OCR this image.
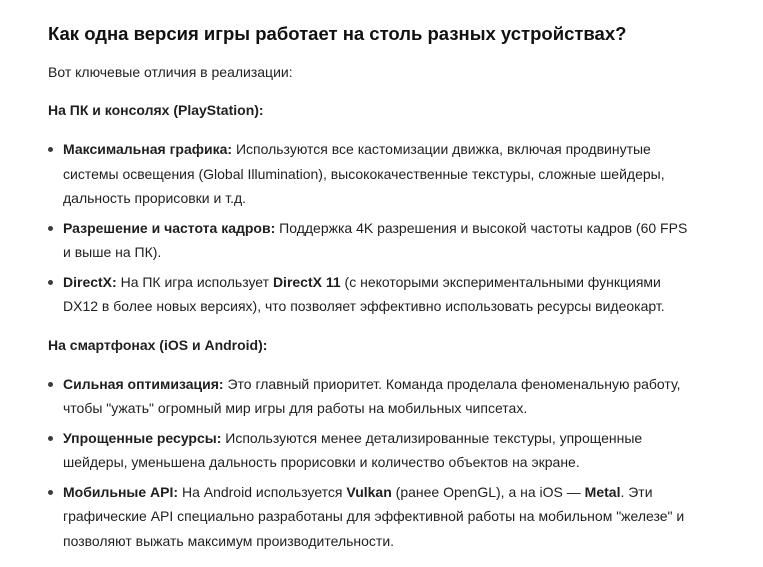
Как одна версия игры работает на столь разных устройствах?

Вот ключевые отличия в реализации:

На ПК и консолях (PlayStation):

Максимальная графика: Используются все кастомизации движка, включая продвинутые системы освещения (Global Illumination), высококачественные текстуры, сложные шейдеры, дальность прорисовки и т.д.
Разрешение и частота кадров: Поддержка 4K разрешения и высокой частоты кадров (60 FPS и выше на ПК).
DirectX: На ПК игра использует DirectX 11 (с некоторыми экспериментальными функциями DX12 в более новых версиях), что позволяет эффективно использовать ресурсы видеокарт.

На смартфонах (iOS и Android):

Сильная оптимизация: Это главный приоритет. Команда проделала феноменальную работу, чтобы "ужать" огромный мир игры для работы на мобильных чипсетах.
Упрощенные ресурсы: Используются менее детализированные текстуры, упрощенные шейдеры, уменьшена дальность прорисовки и количество объектов на экране.
Мобильные API: На Android используется Vulkan (ранее OpenGL), а на iOS — Metal. Эти графические API специально разработаны для эффективной работы на мобильном "железе" и позволяют выжать максимум производительности.
